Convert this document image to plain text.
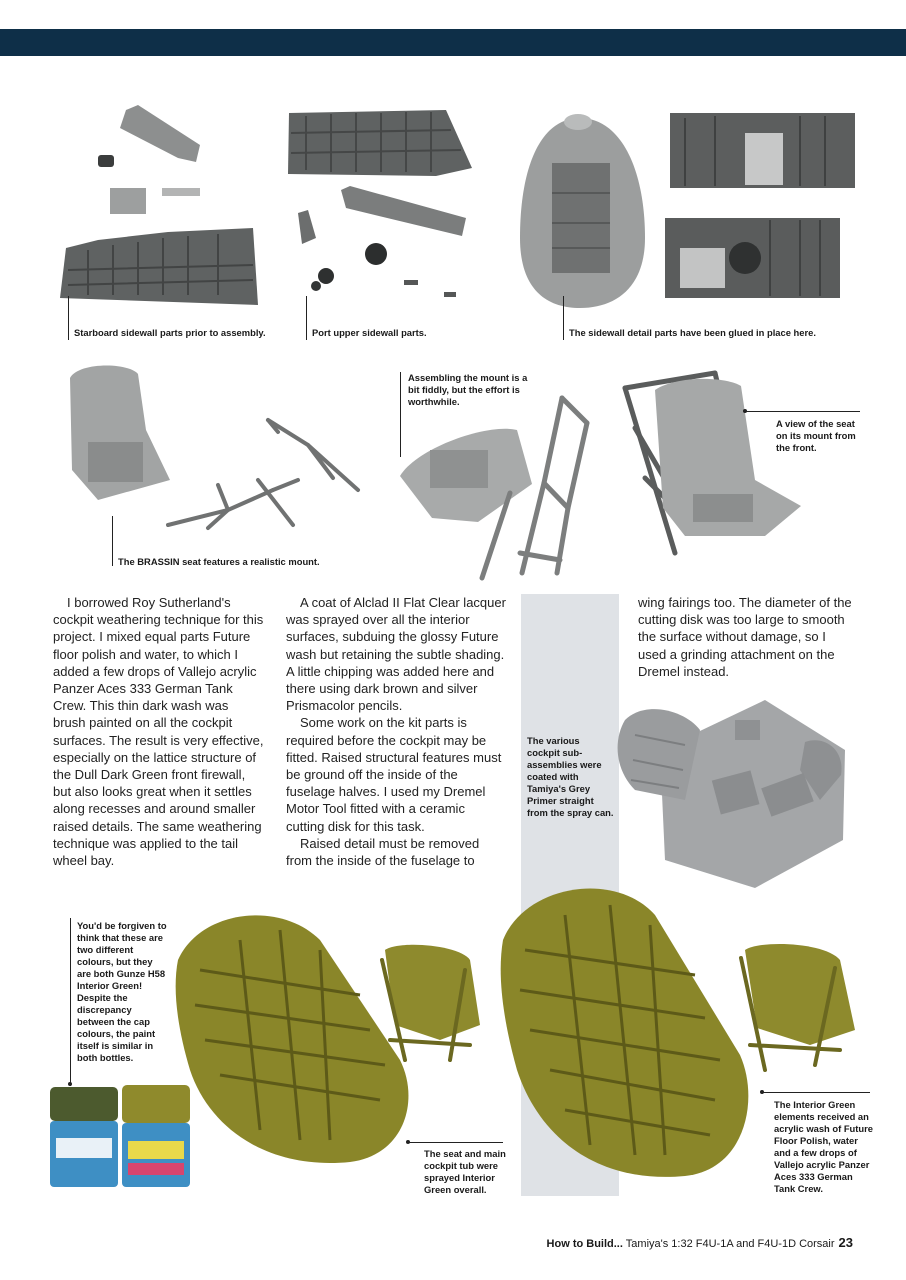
Starboard sidewall parts prior to assembly.	Port upper sidewall parts.	The sidewall detail parts have been glued in place here.
The BRASSIN seat features a realistic mount.
Assembling the mount is a bit fiddly, but the effort is worthwhile.
A view of the seat on its mount from the front.

I borrowed Roy Sutherland's cockpit weathering technique for this project. I mixed equal parts Future floor polish and water, to which I added a few drops of Vallejo acrylic Panzer Aces 333 German Tank Crew. This thin dark wash was brush painted on all the cockpit surfaces. The result is very effective, especially on the lattice structure of the Dull Dark Green front firewall, but also looks great when it settles along recesses and around smaller raised details. The same weathering technique was applied to the tail wheel bay.

A coat of Alclad II Flat Clear lacquer was sprayed over all the interior surfaces, subduing the glossy Future wash but retaining the subtle shading. A little chipping was added here and there using dark brown and silver Prismacolor pencils.

Some work on the kit parts is required before the cockpit may be fitted. Raised structural features must be ground off the inside of the fuselage halves. I used my Dremel Motor Tool fitted with a ceramic cutting disk for this task.

Raised detail must be removed from the inside of the fuselage to

wing fairings too. The diameter of the cutting disk was too large to smooth the surface without damage, so I used a grinding attachment on the Dremel instead.

The various cockpit sub-assemblies were coated with Tamiya's Grey Primer straight from the spray can.
You'd be forgiven to think that these are two different colours, but they are both Gunze H58 Interior Green! Despite the discrepancy between the cap colours, the paint itself is similar in both bottles.
The seat and main cockpit tub were sprayed Interior Green overall.
The Interior Green elements received an acrylic wash of Future Floor Polish, water and a few drops of Vallejo acrylic Panzer Aces 333 German Tank Crew.
How to Build... Tamiya's 1:32 F4U-1A and F4U-1D Corsair 23
